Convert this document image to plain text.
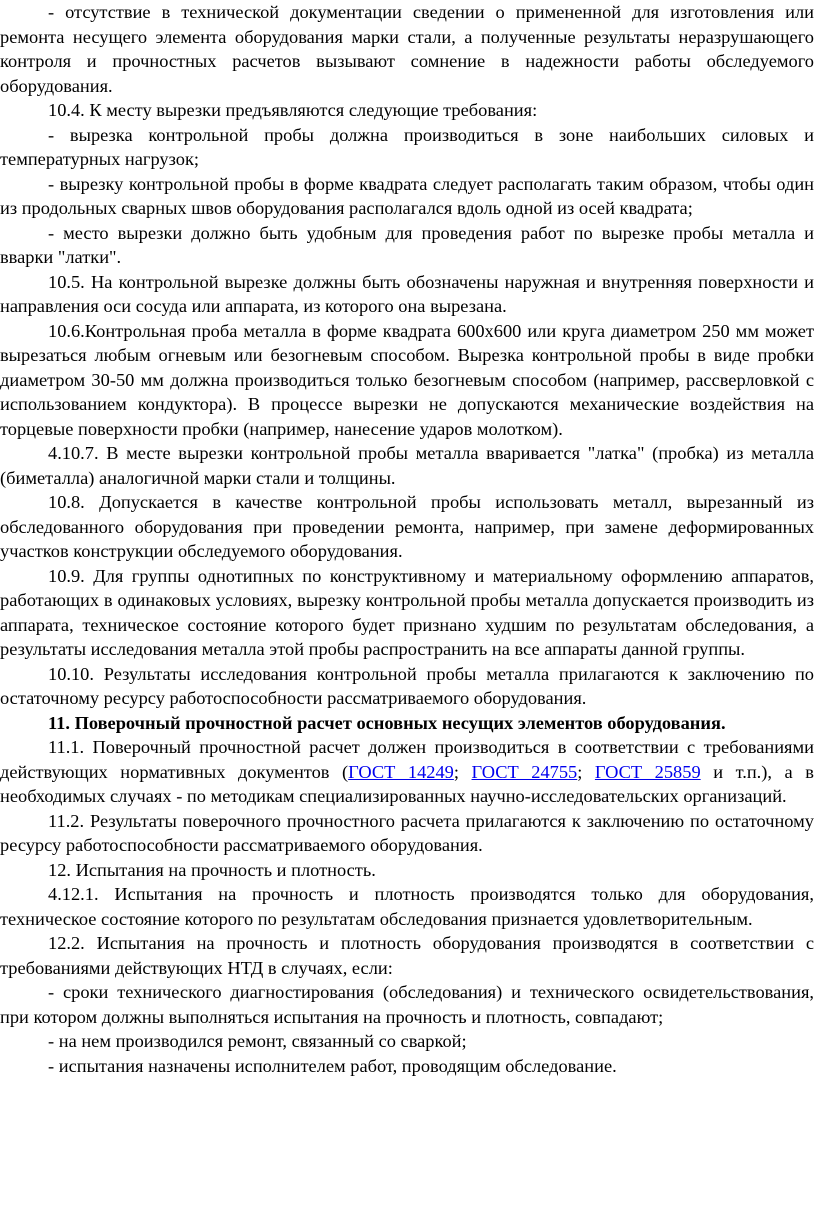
- отсутствие в технической документации сведении о примененной для изготовления или ремонта несущего элемента оборудования марки стали, а полученные результаты неразрушающего контроля и прочностных расчетов вызывают сомнение в надежности работы обследуемого оборудования.

10.4. К месту вырезки предъявляются следующие требования:

- вырезка контрольной пробы должна производиться в зоне наибольших силовых и температурных нагрузок;

- вырезку контрольной пробы в форме квадрата следует располагать таким образом, чтобы один из продольных сварных швов оборудования располагался вдоль одной из осей квадрата;

- место вырезки должно быть удобным для проведения работ по вырезке пробы металла и вварки "латки".

10.5. На контрольной вырезке должны быть обозначены наружная и внутренняя поверхности и направления оси сосуда или аппарата, из которого она вырезана.

10.6.Контрольная проба металла в форме квадрата 600х600 или круга диаметром 250 мм может вырезаться любым огневым или безогневым способом. Вырезка контрольной пробы в виде пробки диаметром 30-50 мм должна производиться только безогневым способом (например, рассверловкой с использованием кондуктора). В процессе вырезки не допускаются механические воздействия на торцевые поверхности пробки (например, нанесение ударов молотком).

4.10.7. В месте вырезки контрольной пробы металла вваривается "латка" (пробка) из металла (биметалла) аналогичной марки стали и толщины.

10.8. Допускается в качестве контрольной пробы использовать металл, вырезанный из обследованного оборудования при проведении ремонта, например, при замене деформированных участков конструкции обследуемого оборудования.

10.9. Для группы однотипных по конструктивному и материальному оформлению аппаратов, работающих в одинаковых условиях, вырезку контрольной пробы металла допускается производить из аппарата, техническое состояние которого будет признано худшим по результатам обследования, а результаты исследования металла этой пробы распространить на все аппараты данной группы.

10.10. Результаты исследования контрольной пробы металла прилагаются к заключению по остаточному ресурсу работоспособности рассматриваемого оборудования.

11. Поверочный прочностной расчет основных несущих элементов оборудования.

11.1. Поверочный прочностной расчет должен производиться в соответствии с требованиями действующих нормативных документов (ГОСТ 14249; ГОСТ 24755; ГОСТ 25859 и т.п.), а в необходимых случаях - по методикам специализированных научно-исследовательских организаций.

11.2. Результаты поверочного прочностного расчета прилагаются к заключению по остаточному ресурсу работоспособности рассматриваемого оборудования.

12. Испытания на прочность и плотность.

4.12.1. Испытания на прочность и плотность производятся только для оборудования, техническое состояние которого по результатам обследования признается удовлетворительным.

12.2. Испытания на прочность и плотность оборудования производятся в соответствии с требованиями действующих НТД в случаях, если:

- сроки технического диагностирования (обследования) и технического освидетельствования, при котором должны выполняться испытания на прочность и плотность, совпадают;

- на нем производился ремонт, связанный со сваркой;

- испытания назначены исполнителем работ, проводящим обследование.
